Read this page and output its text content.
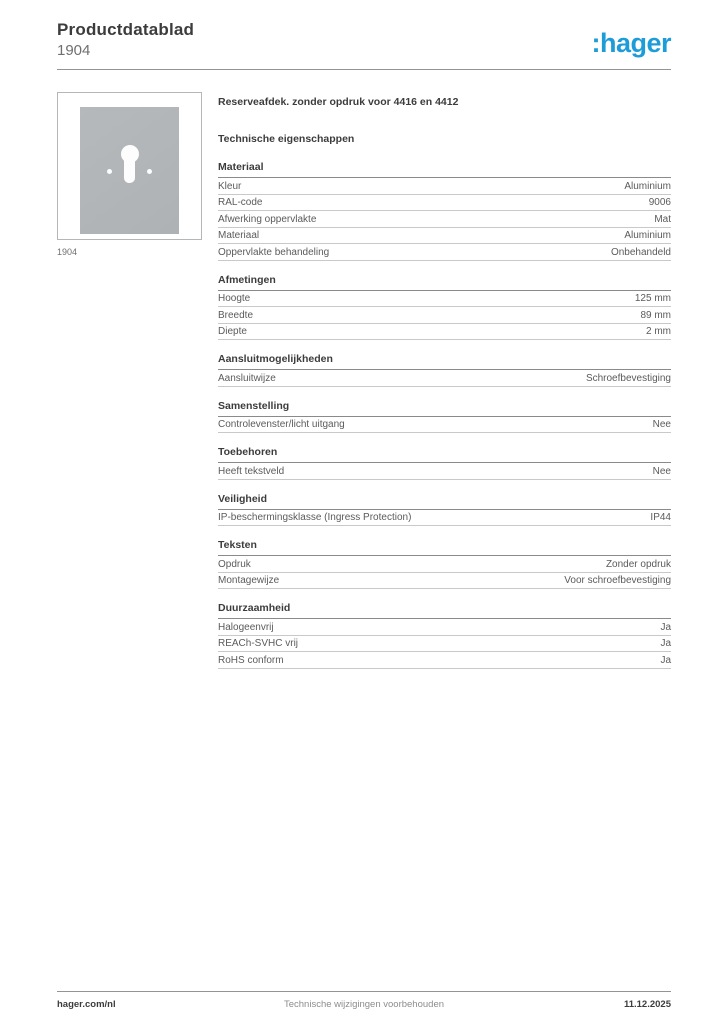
Productdatablad
1904	:hager
1904
Reserveafdek. zonder opdruk voor 4416 en 4412
Technische eigenschappen
Materiaal
Kleur	Aluminium
RAL-code	9006
Afwerking oppervlakte	Mat
Materiaal	Aluminium
Oppervlakte behandeling	Onbehandeld
Afmetingen
Hoogte	125 mm
Breedte	89 mm
Diepte	2 mm
Aansluitmogelijkheden
Aansluitwijze	Schroefbevestiging
Samenstelling
Controlevenster/licht uitgang	Nee
Toebehoren
Heeft tekstveld	Nee
Veiligheid
IP-beschermingsklasse (Ingress Protection)	IP44
Teksten
Opdruk	Zonder opdruk
Montagewijze	Voor schroefbevestiging
Duurzaamheid
Halogeenvrij	Ja
REACh-SVHC vrij	Ja
RoHS conform	Ja
hager.com/nl	Technische wijzigingen voorbehouden	11.12.2025
